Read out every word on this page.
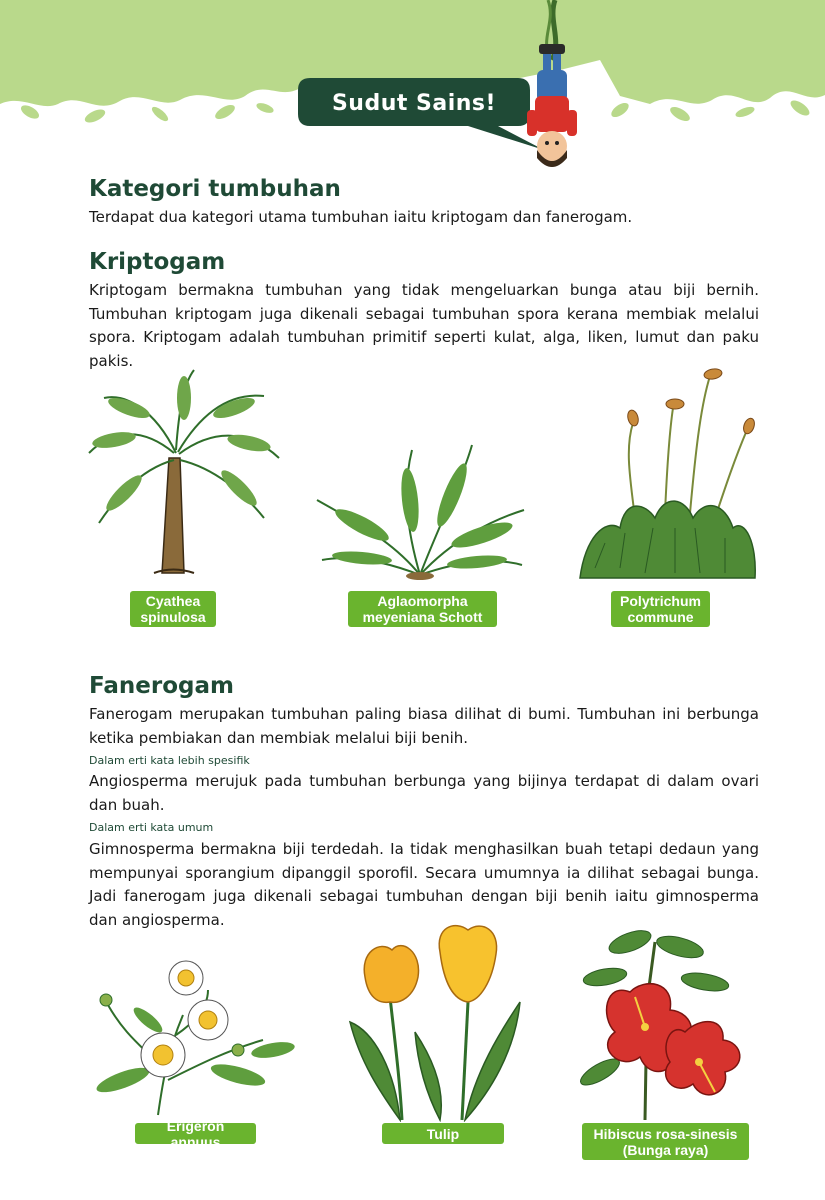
Sudut Sains!
Kategori tumbuhan

Terdapat dua kategori utama tumbuhan iaitu kriptogam dan fanerogam.

Kriptogam

Kriptogam bermakna tumbuhan yang tidak mengeluarkan bunga atau biji bernih. Tumbuhan kriptogam juga dikenali sebagai tumbuhan spora kerana membiak melalui spora. Kriptogam adalah tumbuhan primitif seperti kulat, alga, liken, lumut dan paku pakis.

Cyathea spinulosa
Aglaomorpha meyeniana Schott
Polytrichum commune
Fanerogam

Fanerogam merupakan tumbuhan paling biasa dilihat di bumi. Tumbuhan ini berbunga ketika pembiakan dan membiak melalui biji benih.

Dalam erti kata lebih spesifik

Angiosperma merujuk pada tumbuhan berbunga yang bijinya terdapat di dalam ovari dan buah.

Dalam erti kata umum

Gimnosperma bermakna biji terdedah. Ia tidak menghasilkan buah tetapi dedaun yang mempunyai sporangium dipanggil sporofil. Secara umumnya ia dilihat sebagai bunga. Jadi fanerogam juga dikenali sebagai tumbuhan dengan biji benih iaitu gimnosperma dan angiosperma.

Erigeron annuus	Tulip	Hibiscus rosa-sinesis (Bunga raya)
